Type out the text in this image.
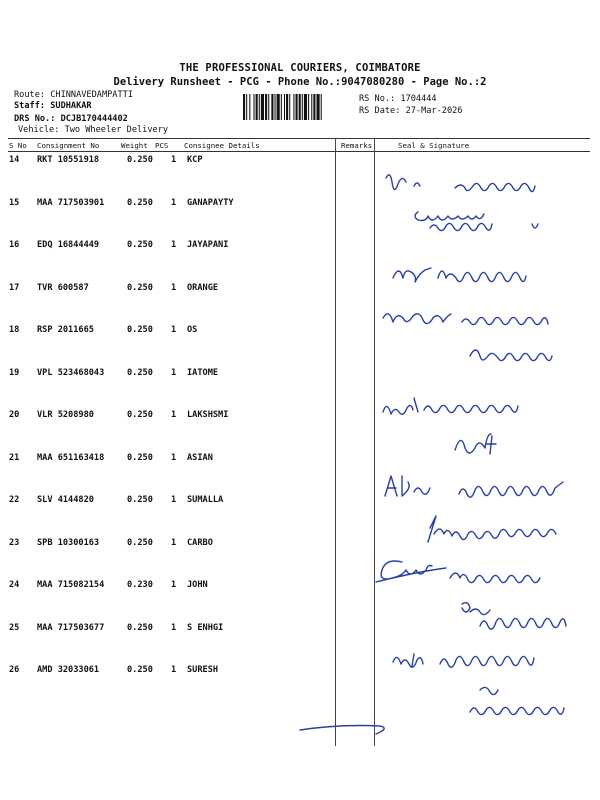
THE PROFESSIONAL COURIERS, COIMBATORE
Delivery Runsheet - PCG - Phone No.:9047080280 - Page No.:2
Route: CHINNAVEDAMPATTI
Staff: SUDHAKAR
DRS No.: DCJB170444402
Vehicle: Two Wheeler Delivery
RS No.: 1704444
RS Date: 27-Mar-2026
S No Consignment No	Weight PCS Consignee Details	Remarks	Seal & Signature
14 RKT 10551918	0.250 1 KCP
15 MAA 717503901	0.250 1 GANAPAYTY
16 EDQ 16844449	0.250 1 JAYAPANI
17 TVR 600587	0.250 1 ORANGE
18 RSP 2011665	0.250 1 OS
19 VPL 523468043	0.250 1 IATOME
20 VLR 5208980	0.250 1 LAKSHSMI
21 MAA 651163418	0.250 1 ASIAN
22 SLV 4144820	0.250 1 SUMALLA
23 SPB 10300163	0.250 1 CARBO
24 MAA 715082154	0.230 1 JOHN
25 MAA 717503677	0.250 1 S ENHGI
26 AMD 32033061	0.250 1 SURESH
